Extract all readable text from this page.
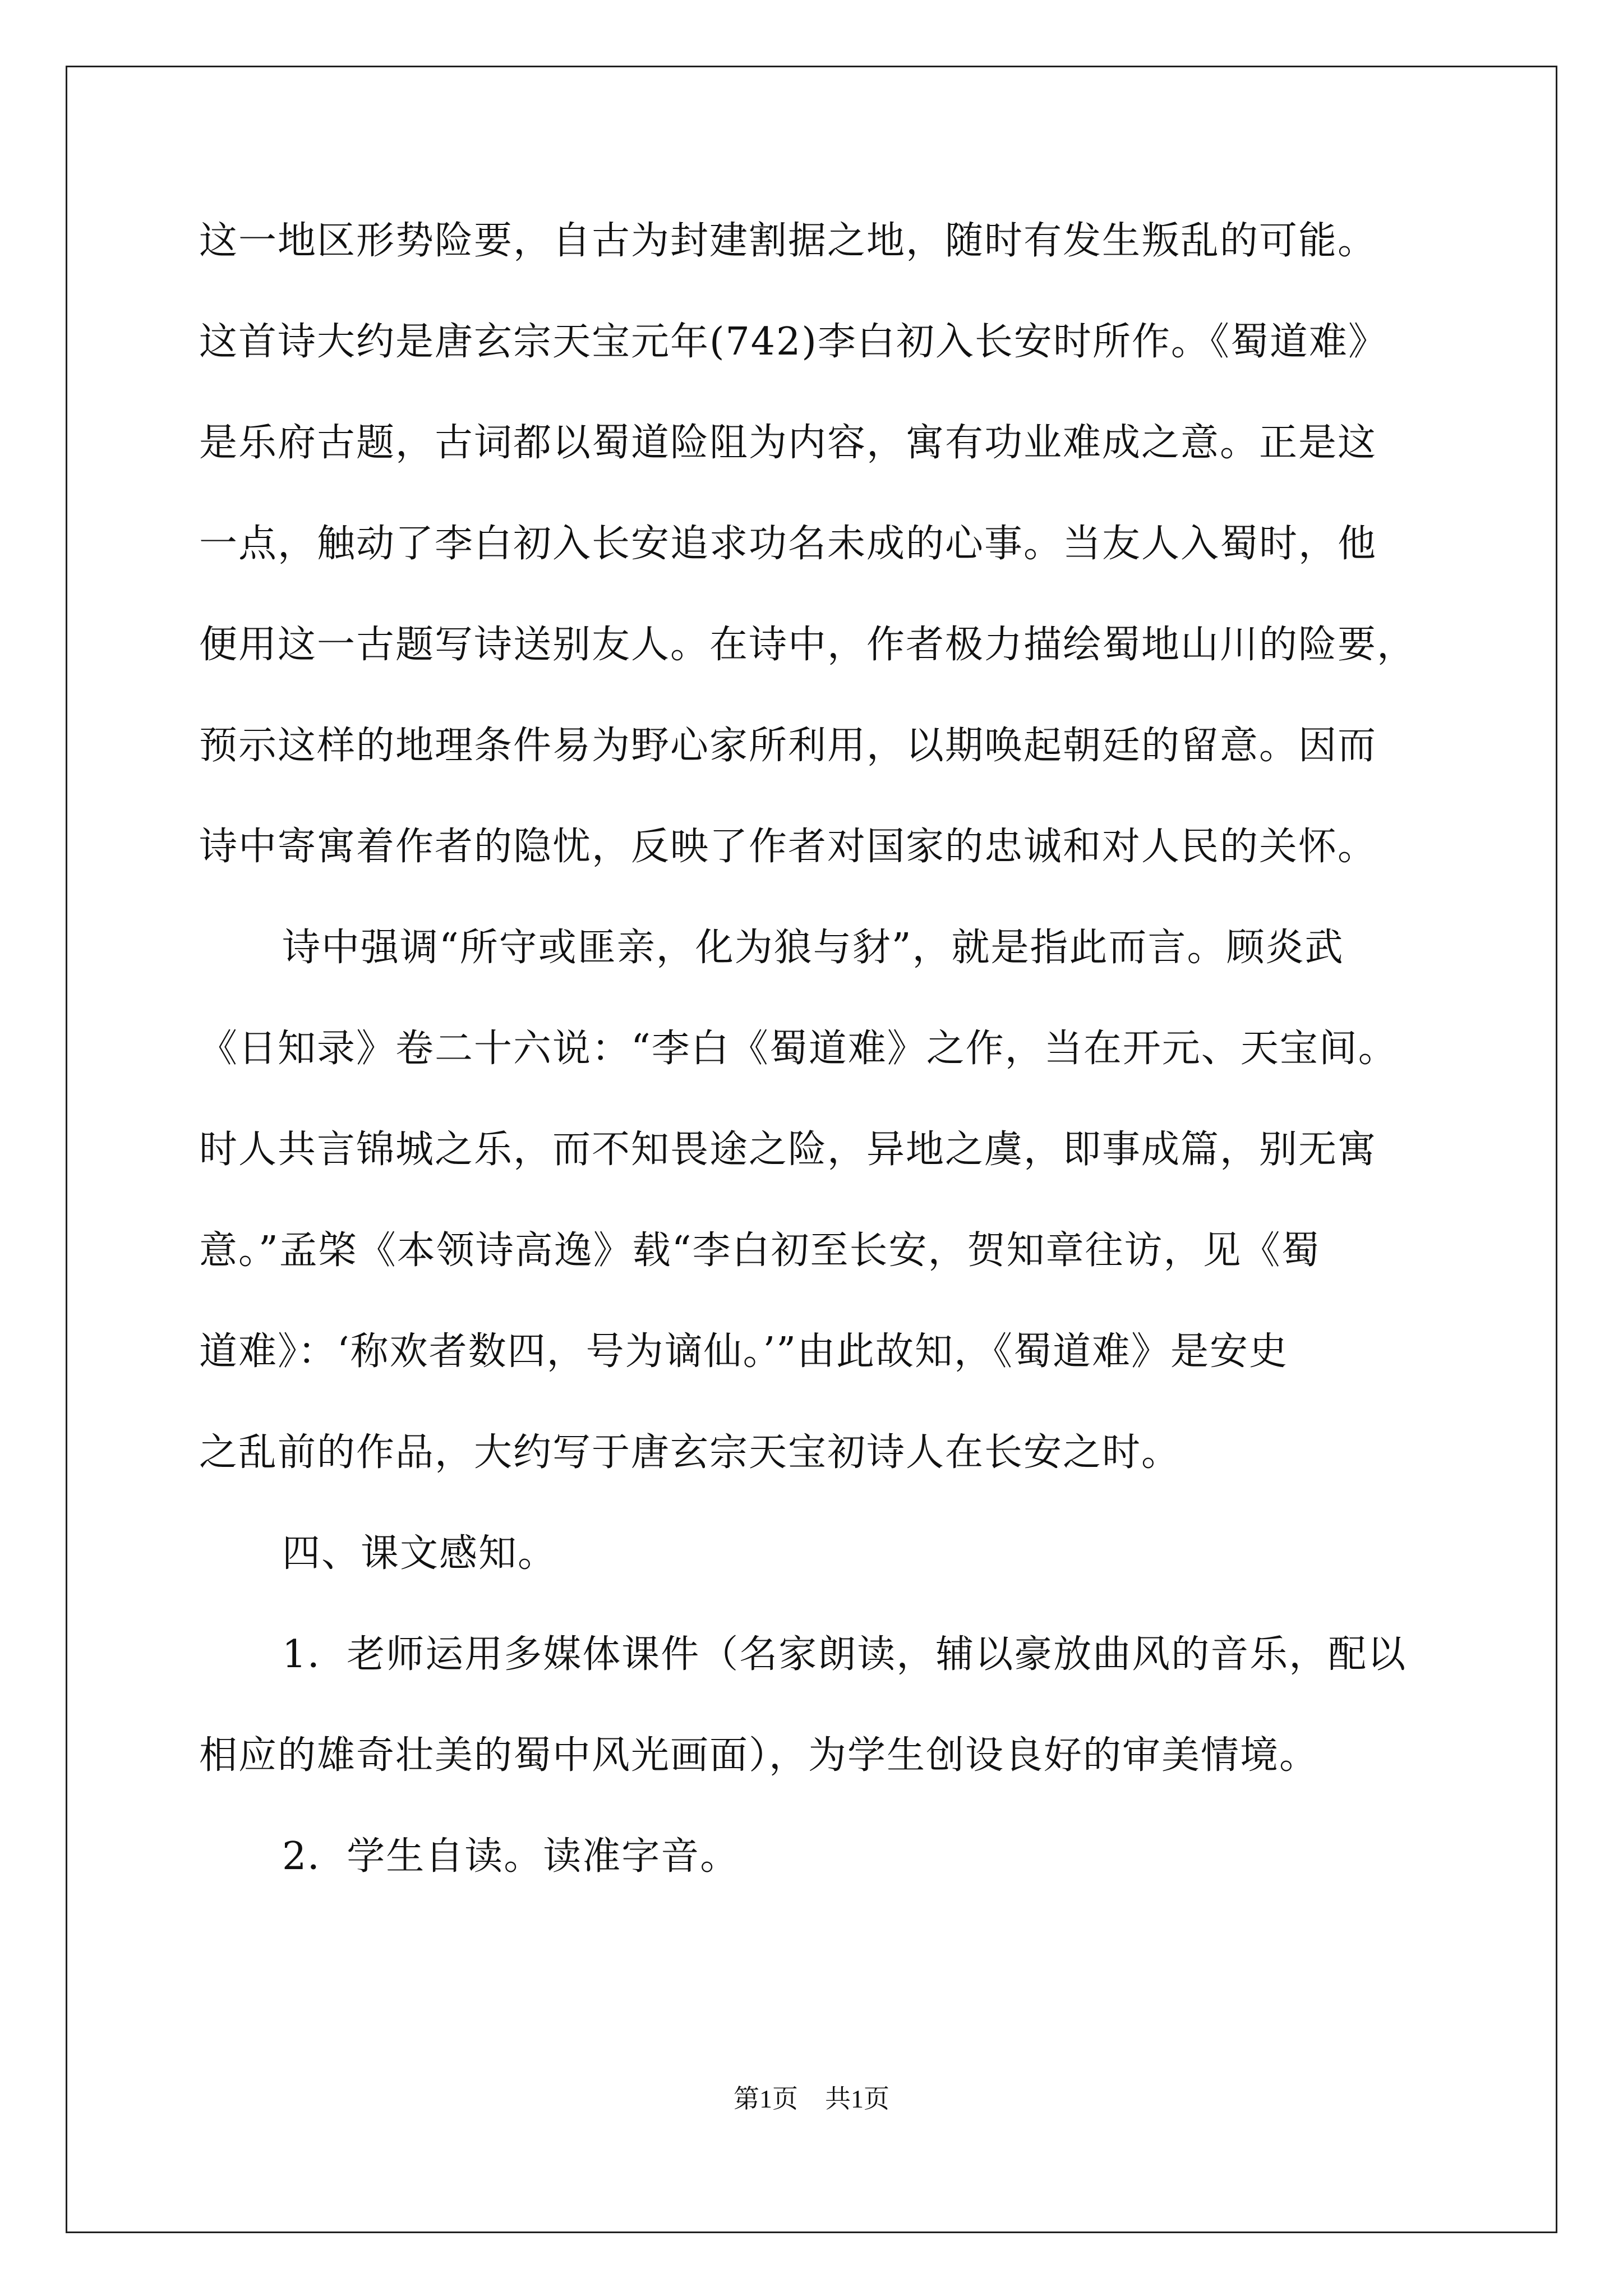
这一地区形势险要，自古为封建割据之地，随时有发生叛乱的可能。
这首诗大约是唐玄宗天宝元年(742)李白初入长安时所作。《蜀道难》
是乐府古题，古词都以蜀道险阻为内容，寓有功业难成之意。正是这
一点，触动了李白初入长安追求功名未成的心事。当友人入蜀时，他
便用这一古题写诗送别友人。在诗中，作者极力描绘蜀地山川的险要，
预示这样的地理条件易为野心家所利用，以期唤起朝廷的留意。因而
诗中寄寓着作者的隐忧，反映了作者对国家的忠诚和对人民的关怀。
诗中强调“所守或匪亲，化为狼与豺”，就是指此而言。顾炎武
《日知录》卷二十六说：“李白《蜀道难》之作，当在开元、天宝间。
时人共言锦城之乐，而不知畏途之险，异地之虞，即事成篇，别无寓
意。”孟棨《本领诗高逸》载“李白初至长安，贺知章往访，见《蜀
道难》：‘称欢者数四，号为谪仙。’”由此故知，《蜀道难》是安史
之乱前的作品，大约写于唐玄宗天宝初诗人在长安之时。
四、课文感知。
1．老师运用多媒体课件（名家朗读，辅以豪放曲风的音乐，配以
相应的雄奇壮美的蜀中风光画面），为学生创设良好的审美情境。
2．学生自读。读准字音。
第1页 共1页
